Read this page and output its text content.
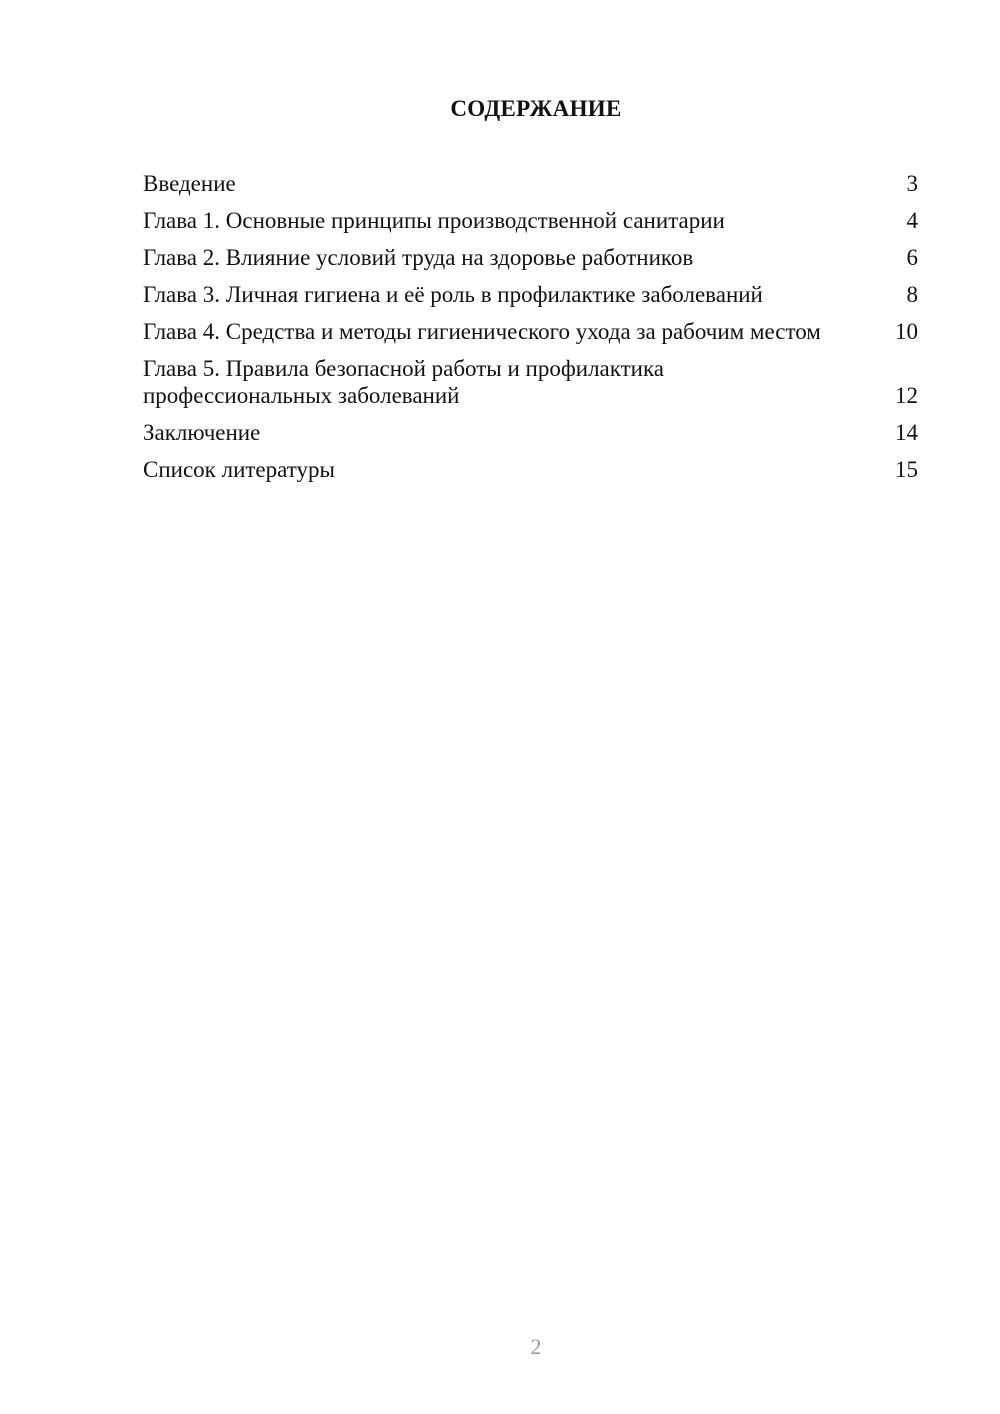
СОДЕРЖАНИЕ
Введение	3
Глава 1. Основные принципы производственной санитарии	4
Глава 2. Влияние условий труда на здоровье работников	6
Глава 3. Личная гигиена и её роль в профилактике заболеваний	8
Глава 4. Средства и методы гигиенического ухода за рабочим местом	10
Глава 5. Правила безопасной работы и профилактика профессиональных заболеваний	12
Заключение	14
Список литературы	15
2
